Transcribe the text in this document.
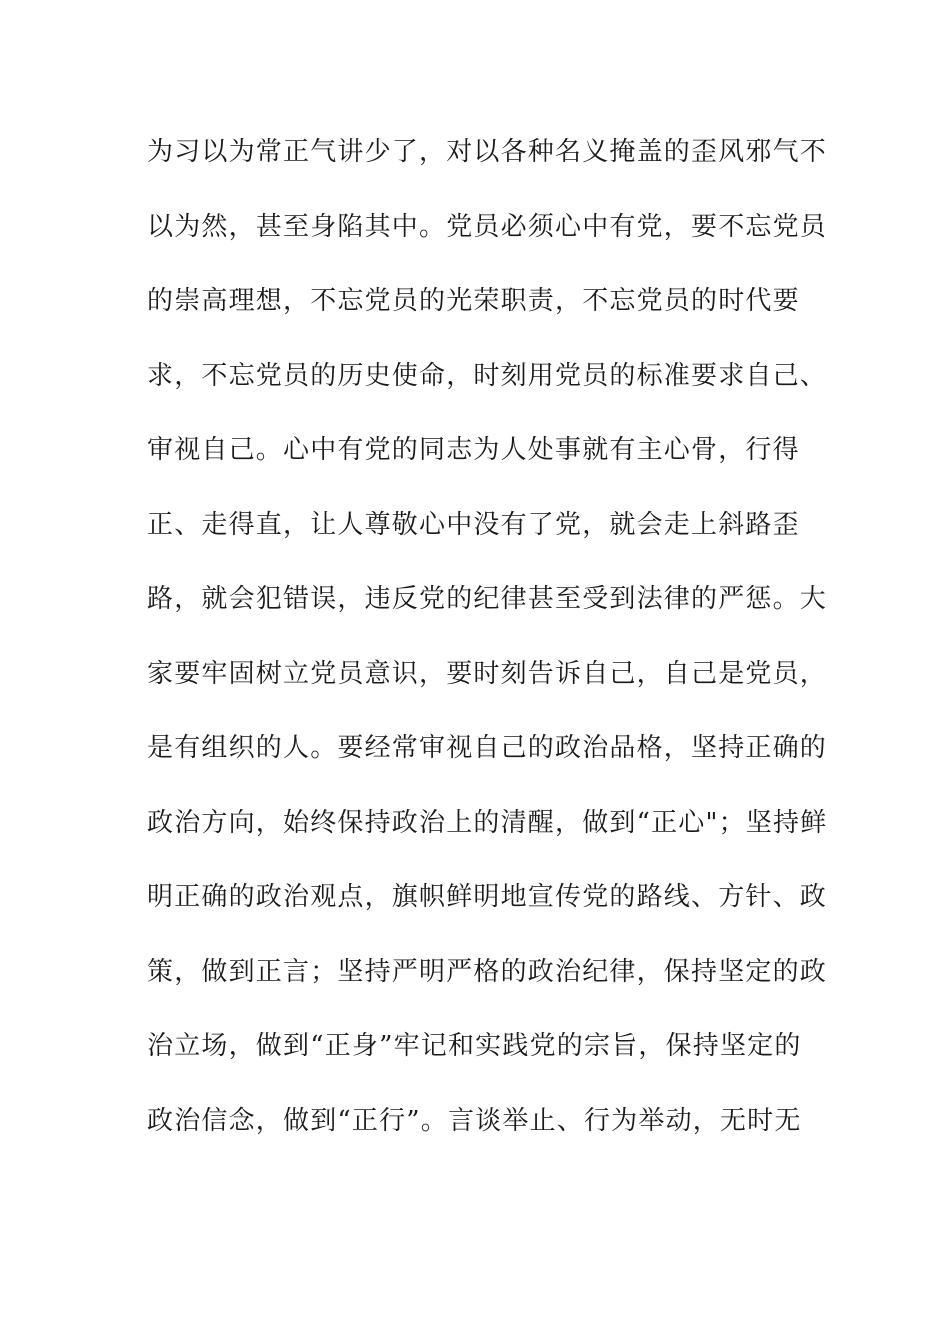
为习以为常正气讲少了，对以各种名义掩盖的歪风邪气不
以为然，甚至身陷其中。党员必须心中有党，要不忘党员
的崇高理想，不忘党员的光荣职责，不忘党员的时代要
求，不忘党员的历史使命，时刻用党员的标准要求自己、
审视自己。心中有党的同志为人处事就有主心骨，行得
正、走得直，让人尊敬心中没有了党，就会走上斜路歪
路，就会犯错误，违反党的纪律甚至受到法律的严惩。大
家要牢固树立党员意识，要时刻告诉自己，自己是党员，
是有组织的人。要经常审视自己的政治品格，坚持正确的
政治方向，始终保持政治上的清醒，做到“正心"；坚持鲜
明正确的政治观点，旗帜鲜明地宣传党的路线、方针、政
策，做到正言；坚持严明严格的政治纪律，保持坚定的政
治立场，做到“正身”牢记和实践党的宗旨，保持坚定的
政治信念，做到“正行”。言谈举止、行为举动，无时无
